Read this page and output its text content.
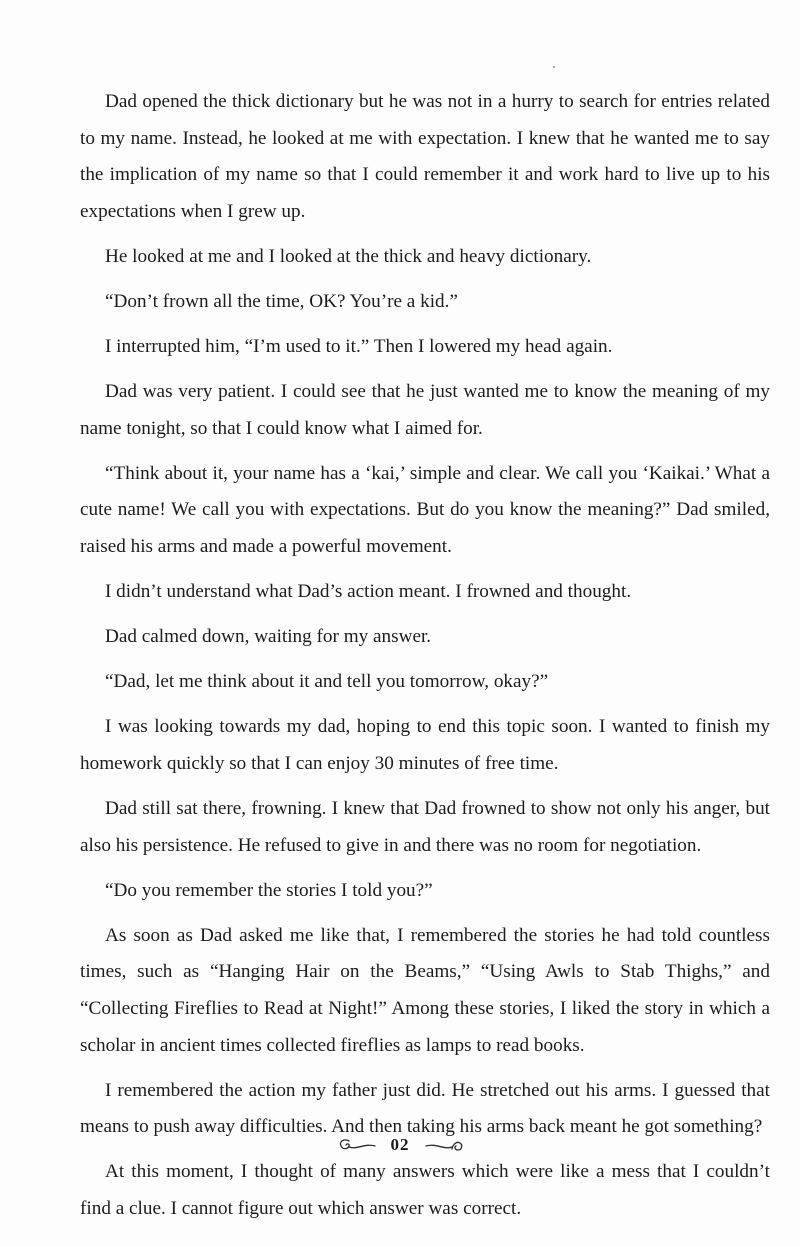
Dad opened the thick dictionary but he was not in a hurry to search for entries related to my name. Instead, he looked at me with expectation. I knew that he wanted me to say the implication of my name so that I could remember it and work hard to live up to his expectations when I grew up.

He looked at me and I looked at the thick and heavy dictionary.

“Don’t frown all the time, OK? You’re a kid.”

I interrupted him, “I’m used to it.” Then I lowered my head again.

Dad was very patient. I could see that he just wanted me to know the meaning of my name tonight, so that I could know what I aimed for.

“Think about it, your name has a ‘kai,’ simple and clear. We call you ‘Kaikai.’ What a cute name! We call you with expectations. But do you know the meaning?” Dad smiled, raised his arms and made a powerful movement.

I didn’t understand what Dad’s action meant. I frowned and thought.

Dad calmed down, waiting for my answer.

“Dad, let me think about it and tell you tomorrow, okay?”

I was looking towards my dad, hoping to end this topic soon. I wanted to finish my homework quickly so that I can enjoy 30 minutes of free time.

Dad still sat there, frowning. I knew that Dad frowned to show not only his anger, but also his persistence. He refused to give in and there was no room for negotiation.

“Do you remember the stories I told you?”

As soon as Dad asked me like that, I remembered the stories he had told countless times, such as “Hanging Hair on the Beams,” “Using Awls to Stab Thighs,” and “Collecting Fireflies to Read at Night!” Among these stories, I liked the story in which a scholar in ancient times collected fireflies as lamps to read books.

I remembered the action my father just did. He stretched out his arms. I guessed that means to push away difficulties. And then taking his arms back meant he got something?

At this moment, I thought of many answers which were like a mess that I couldn’t find a clue. I cannot figure out which answer was correct.

02
